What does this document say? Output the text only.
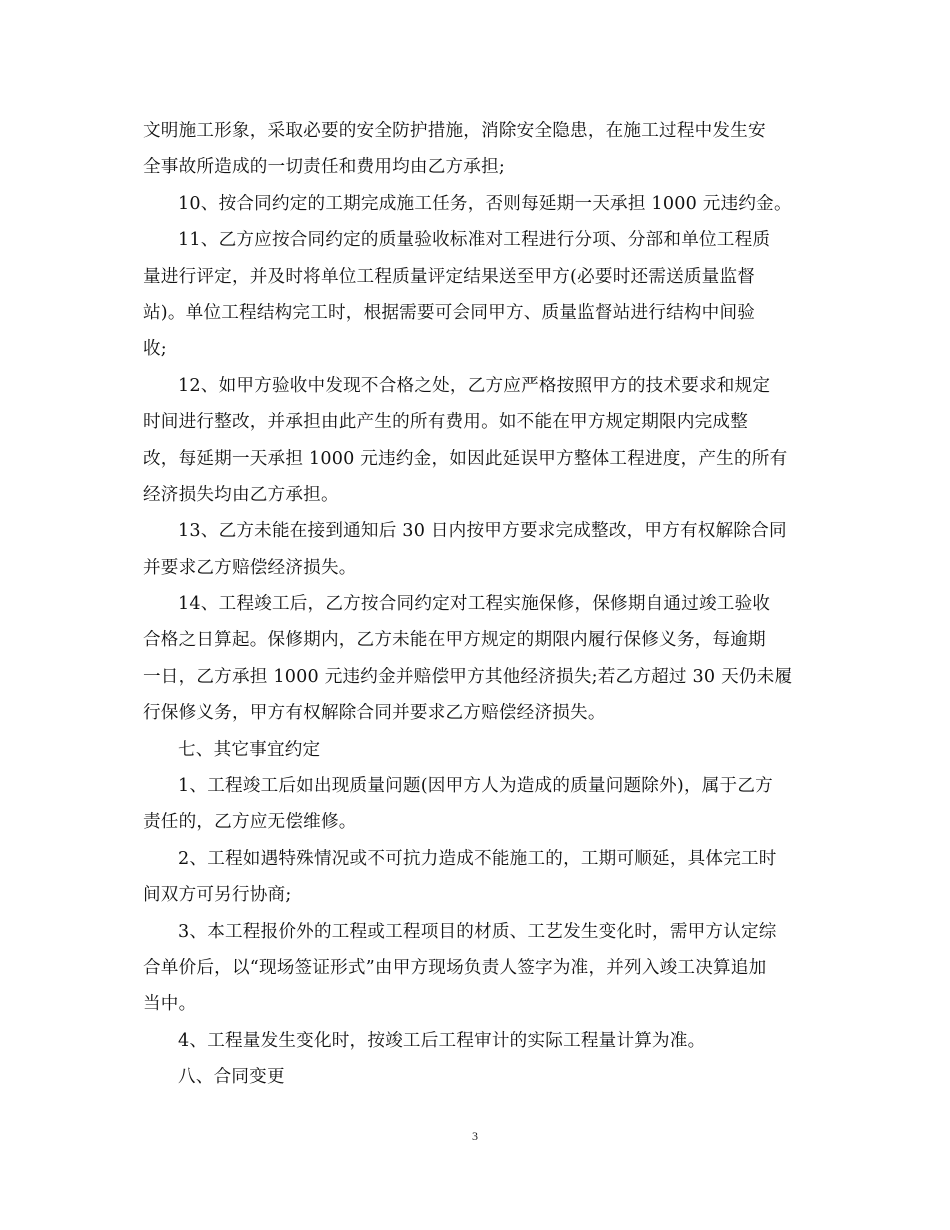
文明施工形象，采取必要的安全防护措施，消除安全隐患，在施工过程中发生安
全事故所造成的一切责任和费用均由乙方承担;
10、按合同约定的工期完成施工任务，否则每延期一天承担 1000 元违约金。
11、乙方应按合同约定的质量验收标准对工程进行分项、分部和单位工程质
量进行评定，并及时将单位工程质量评定结果送至甲方(必要时还需送质量监督
站)。单位工程结构完工时，根据需要可会同甲方、质量监督站进行结构中间验
收;
12、如甲方验收中发现不合格之处，乙方应严格按照甲方的技术要求和规定
时间进行整改，并承担由此产生的所有费用。如不能在甲方规定期限内完成整
改，每延期一天承担 1000 元违约金，如因此延误甲方整体工程进度，产生的所有
经济损失均由乙方承担。
13、乙方未能在接到通知后 30 日内按甲方要求完成整改，甲方有权解除合同
并要求乙方赔偿经济损失。
14、工程竣工后，乙方按合同约定对工程实施保修，保修期自通过竣工验收
合格之日算起。保修期内，乙方未能在甲方规定的期限内履行保修义务，每逾期
一日，乙方承担 1000 元违约金并赔偿甲方其他经济损失;若乙方超过 30 天仍未履
行保修义务，甲方有权解除合同并要求乙方赔偿经济损失。
七、其它事宜约定
1、工程竣工后如出现质量问题(因甲方人为造成的质量问题除外)，属于乙方
责任的，乙方应无偿维修。
2、工程如遇特殊情况或不可抗力造成不能施工的，工期可顺延，具体完工时
间双方可另行协商;
3、本工程报价外的工程或工程项目的材质、工艺发生变化时，需甲方认定综
合单价后，以“现场签证形式”由甲方现场负责人签字为准，并列入竣工决算追加
当中。
4、工程量发生变化时，按竣工后工程审计的实际工程量计算为准。
八、合同变更
3
